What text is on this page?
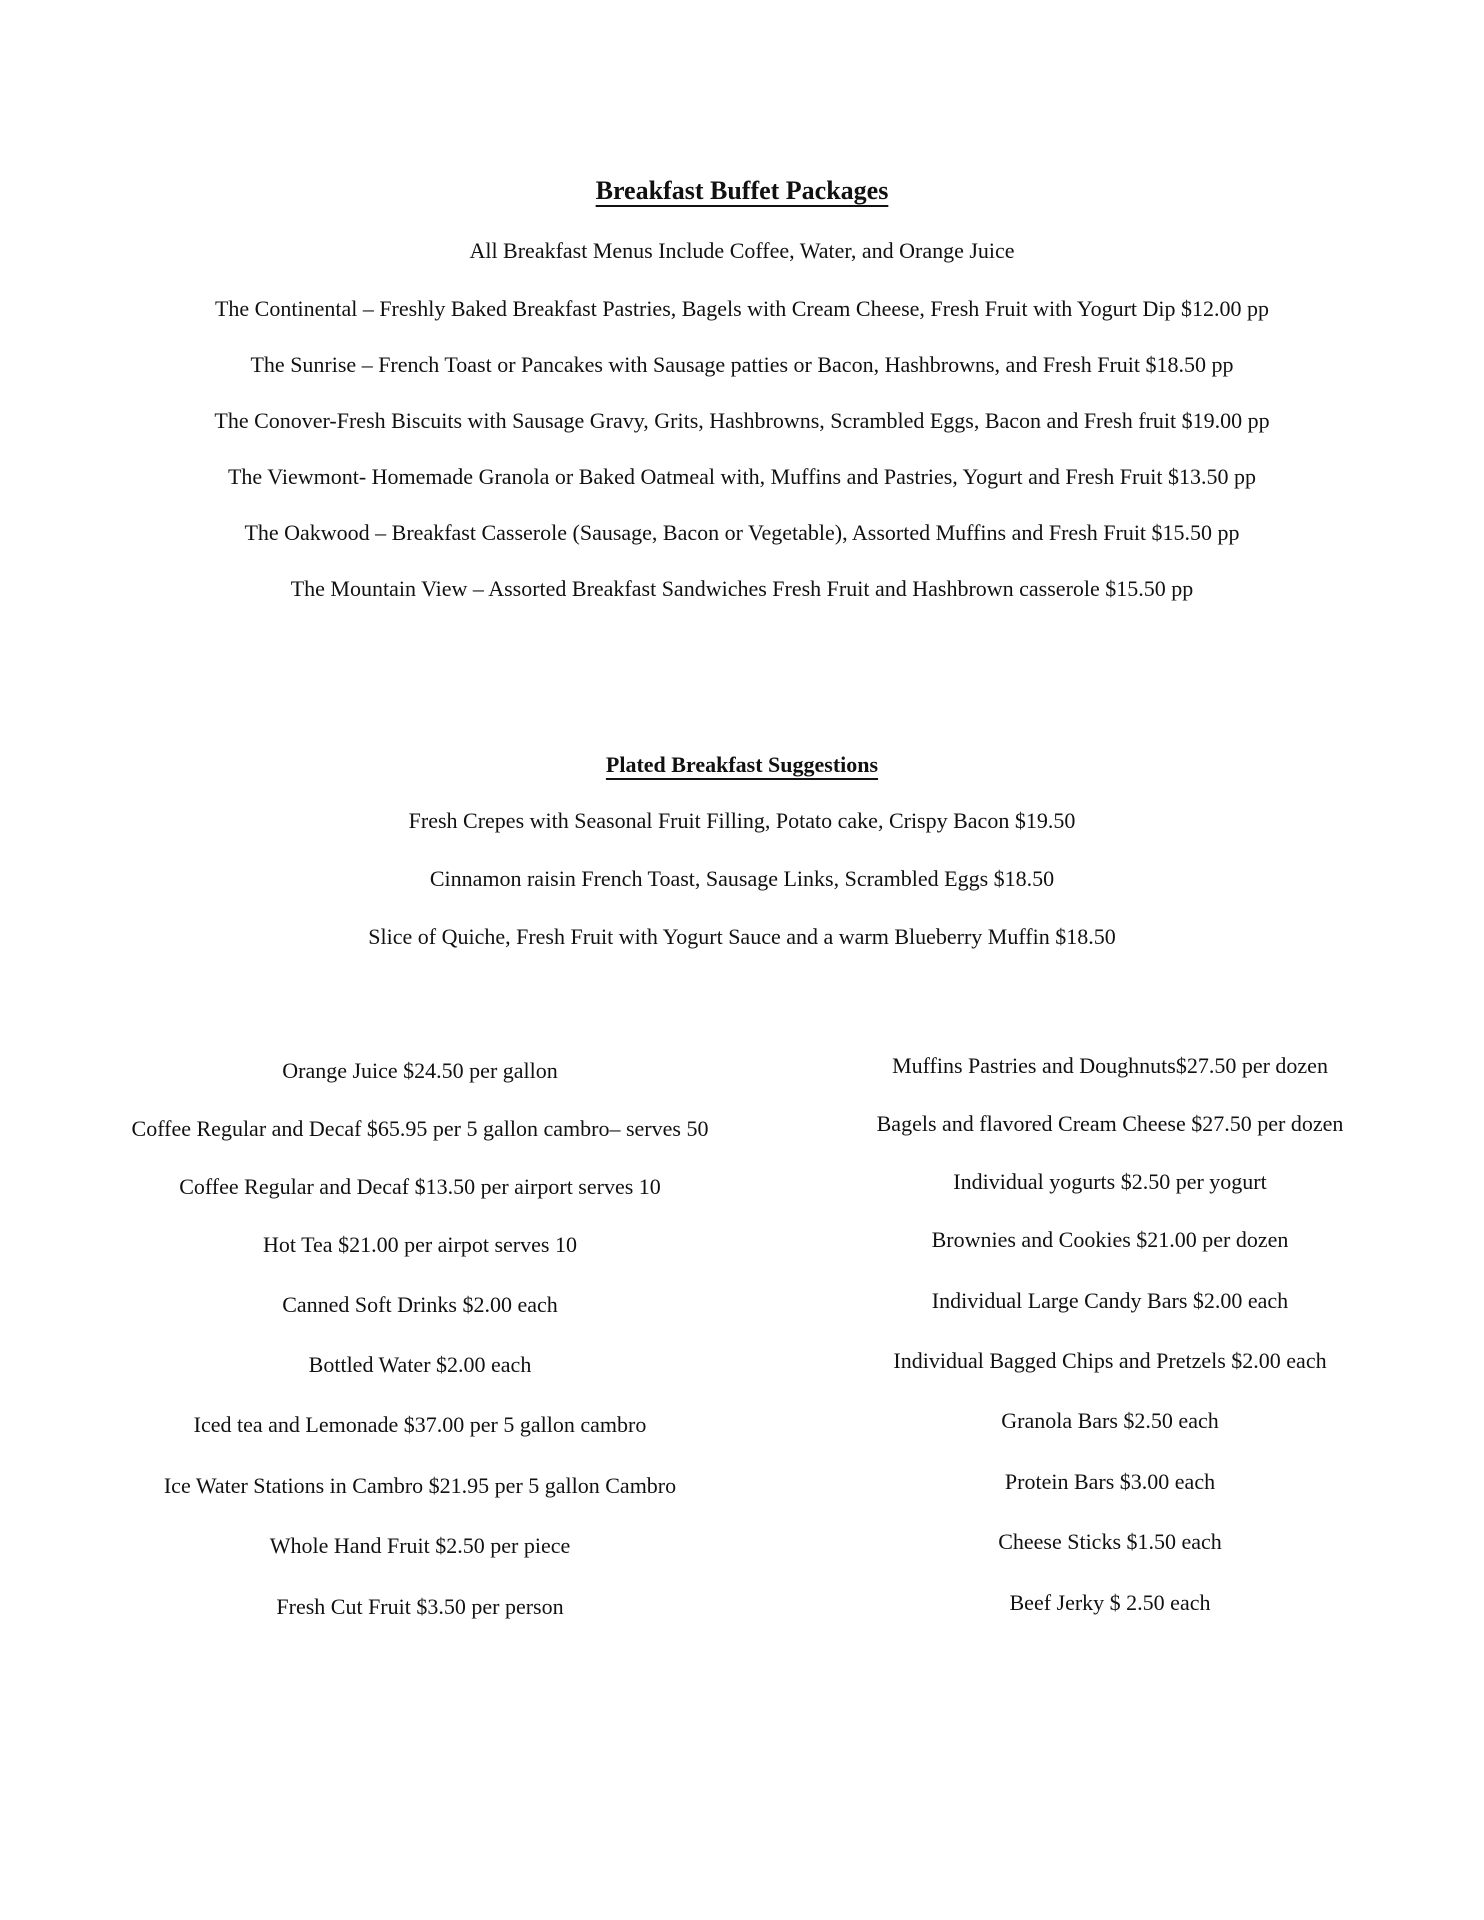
Breakfast Buffet Packages
All Breakfast Menus Include Coffee, Water, and Orange Juice
The Continental – Freshly Baked Breakfast Pastries, Bagels with Cream Cheese, Fresh Fruit with Yogurt Dip $12.00 pp
The Sunrise – French Toast or Pancakes with Sausage patties or Bacon, Hashbrowns, and Fresh Fruit $18.50 pp
The Conover-Fresh Biscuits with Sausage Gravy, Grits, Hashbrowns, Scrambled Eggs, Bacon and Fresh fruit $19.00 pp
The Viewmont- Homemade Granola or Baked Oatmeal with, Muffins and Pastries, Yogurt and Fresh Fruit $13.50 pp
The Oakwood – Breakfast Casserole (Sausage, Bacon or Vegetable), Assorted Muffins and Fresh Fruit $15.50 pp
The Mountain View – Assorted Breakfast Sandwiches Fresh Fruit and Hashbrown casserole $15.50 pp
Plated Breakfast Suggestions
Fresh Crepes with Seasonal Fruit Filling, Potato cake, Crispy Bacon $19.50
Cinnamon raisin French Toast, Sausage Links, Scrambled Eggs $18.50
Slice of Quiche, Fresh Fruit with Yogurt Sauce and a warm Blueberry Muffin $18.50
Orange Juice $24.50 per gallon
Coffee Regular and Decaf $65.95 per 5 gallon cambro– serves 50
Coffee Regular and Decaf $13.50 per airport serves 10
Hot Tea $21.00 per airpot serves 10
Canned Soft Drinks $2.00 each
Bottled Water $2.00 each
Iced tea and Lemonade $37.00 per 5 gallon cambro
Ice Water Stations in Cambro $21.95 per 5 gallon Cambro
Whole Hand Fruit $2.50 per piece
Fresh Cut Fruit $3.50 per person
Muffins Pastries and Doughnuts$27.50 per dozen
Bagels and flavored Cream Cheese $27.50 per dozen
Individual yogurts $2.50 per yogurt
Brownies and Cookies $21.00 per dozen
Individual Large Candy Bars $2.00 each
Individual Bagged Chips and Pretzels $2.00 each
Granola Bars $2.50 each
Protein Bars $3.00 each
Cheese Sticks $1.50 each
Beef Jerky $ 2.50 each
